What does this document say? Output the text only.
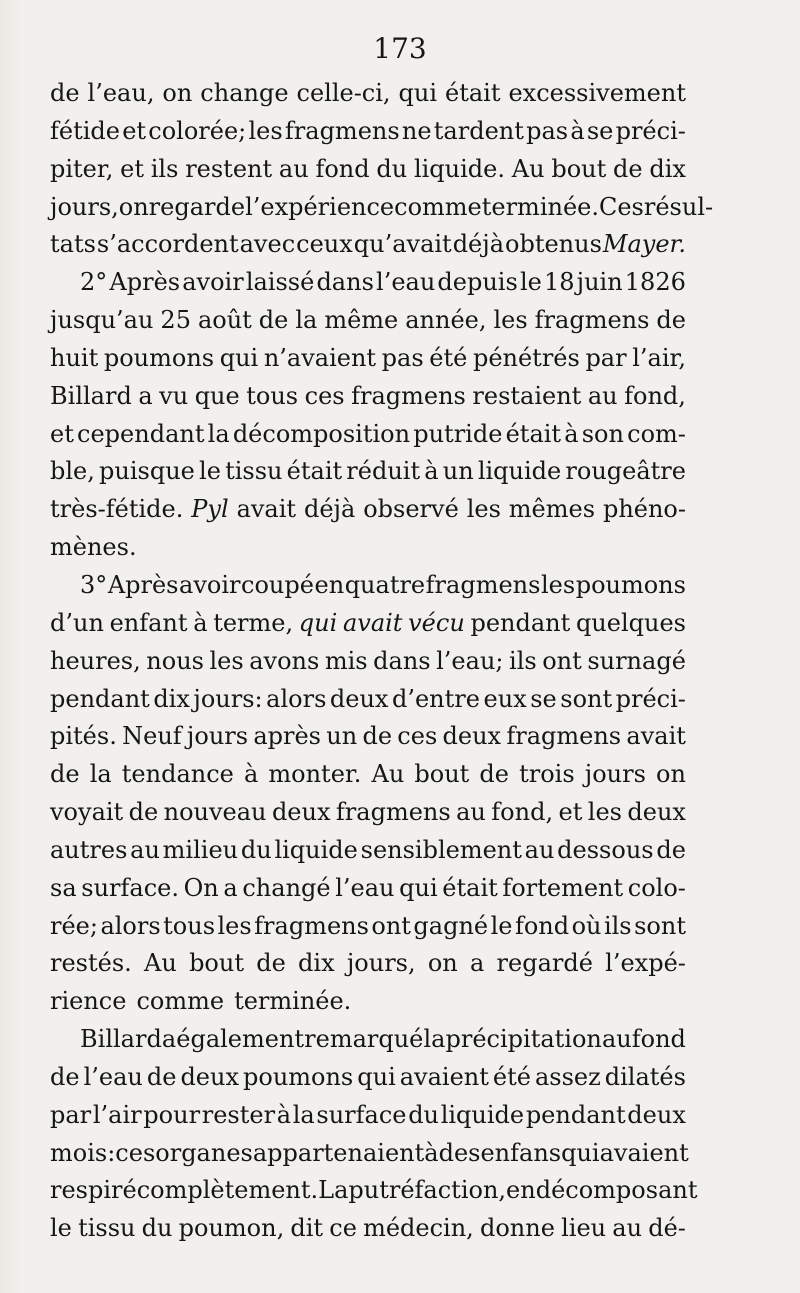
173
de l’eau, on change celle-ci, qui était excessivement
fétide et colorée; les fragmens ne tardent pas à se préci-
piter, et ils restent au fond du liquide. Au bout de dix
jours, on regarde l’expérience comme terminée. Ces résul-
tats s’accordent avec ceux qu’avait déjà obtenus Mayer.
2° Après avoir laissé dans l’eau depuis le 18 juin 1826
jusqu’au 25 août de la même année, les fragmens de
huit poumons qui n’avaient pas été pénétrés par l’air,
Billard a vu que tous ces fragmens restaient au fond,
et cependant la décomposition putride était à son com-
ble, puisque le tissu était réduit à un liquide rougeâtre
très-fétide. Pyl avait déjà observé les mêmes phéno-
mènes.
3° Après avoir coupé en quatre fragmens les poumons
d’un enfant à terme, qui avait vécu pendant quelques
heures, nous les avons mis dans l’eau; ils ont surnagé
pendant dix jours: alors deux d’entre eux se sont préci-
pités. Neuf jours après un de ces deux fragmens avait
de la tendance à monter. Au bout de trois jours on
voyait de nouveau deux fragmens au fond, et les deux
autres au milieu du liquide sensiblement au dessous de
sa surface. On a changé l’eau qui était fortement colo-
rée; alors tous les fragmens ont gagné le fond où ils sont
restés. Au bout de dix jours, on a regardé l’expé-
rience comme terminée.
Billard a également remarqué la précipitation au fond
de l’eau de deux poumons qui avaient été assez dilatés
par l’air pour rester à la surface du liquide pendant deux
mois : ces organes appartenaient à des enfans qui avaient
respiré complètement. La putréfaction, en décomposant
le tissu du poumon, dit ce médecin, donne lieu au dé-
